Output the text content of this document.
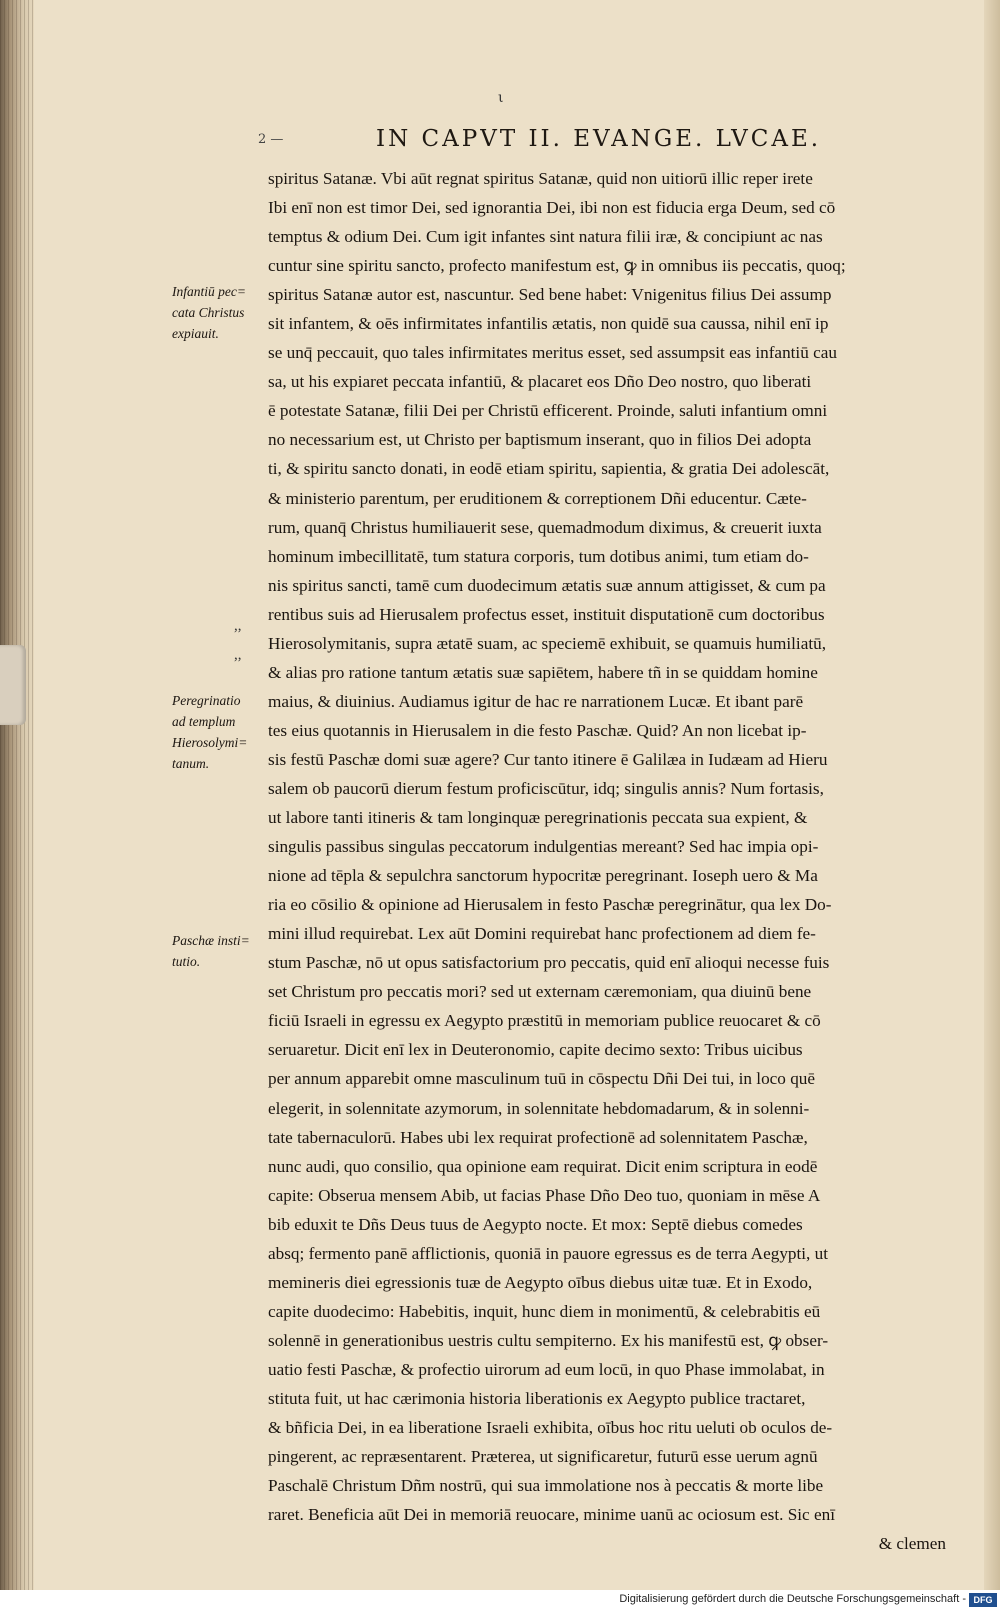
ι
2 —	IN CAPVT II. EVANGE. LVCAE.
Infantiū pec=
cata Christus
expiauit.
Peregrinatio
ad templum
Hierosolymi=
tanum.
Paschæ insti=
tutio.
,,
,,
spiritus Satanæ. Vbi aūt regnat spiritus Satanæ, quid non uitiorū illic reper irete
Ibi enī non est timor Dei, sed ignorantia Dei, ibi non est fiducia erga Deum, sed cō
temptus & odium Dei. Cum igit infantes sint natura filii iræ, & concipiunt ac nas
cuntur sine spiritu sancto, profecto manifestum est, ꝙ in omnibus iis peccatis, quoq;
spiritus Satanæ autor est, nascuntur. Sed bene habet: Vnigenitus filius Dei assump
sit infantem, & oēs infirmitates infantilis ætatis, non quidē sua caussa, nihil enī ip
se unq̄ peccauit, quo tales infirmitates meritus esset, sed assumpsit eas infantiū cau
sa, ut his expiaret peccata infantiū, & placaret eos Dño Deo nostro, quo liberati
ē potestate Satanæ, filii Dei per Christū efficerent. Proinde, saluti infantium omni
no necessarium est, ut Christo per baptismum inserant, quo in filios Dei adopta
ti, & spiritu sancto donati, in eodē etiam spiritu, sapientia, & gratia Dei adolescāt,
& ministerio parentum, per eruditionem & correptionem Dñi educentur. Cæte-
rum, quanq̄ Christus humiliauerit sese, quemadmodum diximus, & creuerit iuxta
hominum imbecillitatē, tum statura corporis, tum dotibus animi, tum etiam do-
nis spiritus sancti, tamē cum duodecimum ætatis suæ annum attigisset, & cum pa
rentibus suis ad Hierusalem profectus esset, instituit disputationē cum doctoribus
Hierosolymitanis, supra ætatē suam, ac speciemē exhibuit, se quamuis humiliatū,
& alias pro ratione tantum ætatis suæ sapiētem, habere tñ in se quiddam homine
maius, & diuinius. Audiamus igitur de hac re narrationem Lucæ. Et ibant parē
tes eius quotannis in Hierusalem in die festo Paschæ. Quid? An non licebat ip-
sis festū Paschæ domi suæ agere? Cur tanto itinere ē Galilæa in Iudæam ad Hieru
salem ob paucorū dierum festum proficiscūtur, idq; singulis annis? Num fortasis,
ut labore tanti itineris & tam longinquæ peregrinationis peccata sua expient, &
singulis passibus singulas peccatorum indulgentias mereant? Sed hac impia opi-
nione ad tēpla & sepulchra sanctorum hypocritæ peregrinant. Ioseph uero & Ma
ria eo cōsilio & opinione ad Hierusalem in festo Paschæ peregrinātur, qua lex Do-
mini illud requirebat. Lex aūt Domini requirebat hanc profectionem ad diem fe-
stum Paschæ, nō ut opus satisfactorium pro peccatis, quid enī alioqui necesse fuis
set Christum pro peccatis mori? sed ut externam cæremoniam, qua diuinū bene
ficiū Israeli in egressu ex Aegypto præstitū in memoriam publice reuocaret & cō
seruaretur. Dicit enī lex in Deuteronomio, capite decimo sexto: Tribus uicibus
per annum apparebit omne masculinum tuū in cōspectu Dñi Dei tui, in loco quē
elegerit, in solennitate azymorum, in solennitate hebdomadarum, & in solenni-
tate tabernaculorū. Habes ubi lex requirat profectionē ad solennitatem Paschæ,
nunc audi, quo consilio, qua opinione eam requirat. Dicit enim scriptura in eodē
capite: Obserua mensem Abib, ut facias Phase Dño Deo tuo, quoniam in mēse A
bib eduxit te Dñs Deus tuus de Aegypto nocte. Et mox: Septē diebus comedes
absq; fermento panē afflictionis, quoniā in pauore egressus es de terra Aegypti, ut
memineris diei egressionis tuæ de Aegypto oībus diebus uitæ tuæ. Et in Exodo,
capite duodecimo: Habebitis, inquit, hunc diem in monimentū, & celebrabitis eū
solennē in generationibus uestris cultu sempiterno. Ex his manifestū est, ꝙ obser-
uatio festi Paschæ, & profectio uirorum ad eum locū, in quo Phase immolabat, in
stituta fuit, ut hac cærimonia historia liberationis ex Aegypto publice tractaret,
& bñficia Dei, in ea liberatione Israeli exhibita, oībus hoc ritu ueluti ob oculos de-
pingerent, ac repræsentarent. Præterea, ut significaretur, futurū esse uerum agnū
Paschalē Christum Dñm nostrū, qui sua immolatione nos à peccatis & morte libe
raret. Beneficia aūt Dei in memoriā reuocare, minime uanū ac ociosum est. Sic enī
& clemen
Digitalisierung gefördert durch die Deutsche Forschungsgemeinschaft - DFG
